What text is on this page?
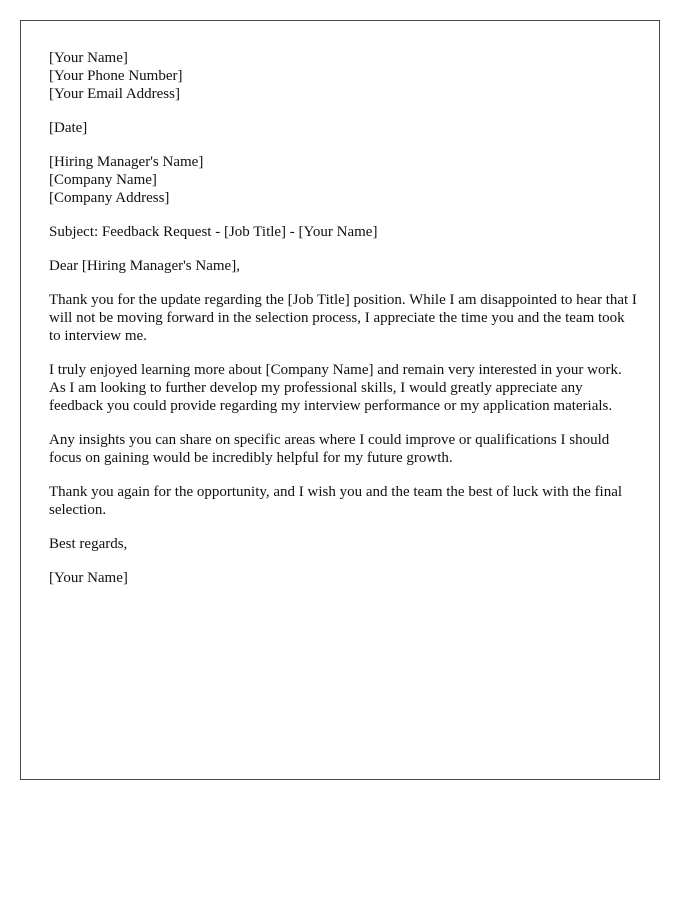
[Your Name]
[Your Phone Number]
[Your Email Address]
[Date]
[Hiring Manager's Name]
[Company Name]
[Company Address]

Subject: Feedback Request - [Job Title] - [Your Name]

Dear [Hiring Manager's Name],

Thank you for the update regarding the [Job Title] position. While I am disappointed to hear that I will not be moving forward in the selection process, I appreciate the time you and the team took to interview me.

I truly enjoyed learning more about [Company Name] and remain very interested in your work. As I am looking to further develop my professional skills, I would greatly appreciate any feedback you could provide regarding my interview performance or my application materials.

Any insights you can share on specific areas where I could improve or qualifications I should focus on gaining would be incredibly helpful for my future growth.

Thank you again for the opportunity, and I wish you and the team the best of luck with the final selection.

Best regards,

[Your Name]
